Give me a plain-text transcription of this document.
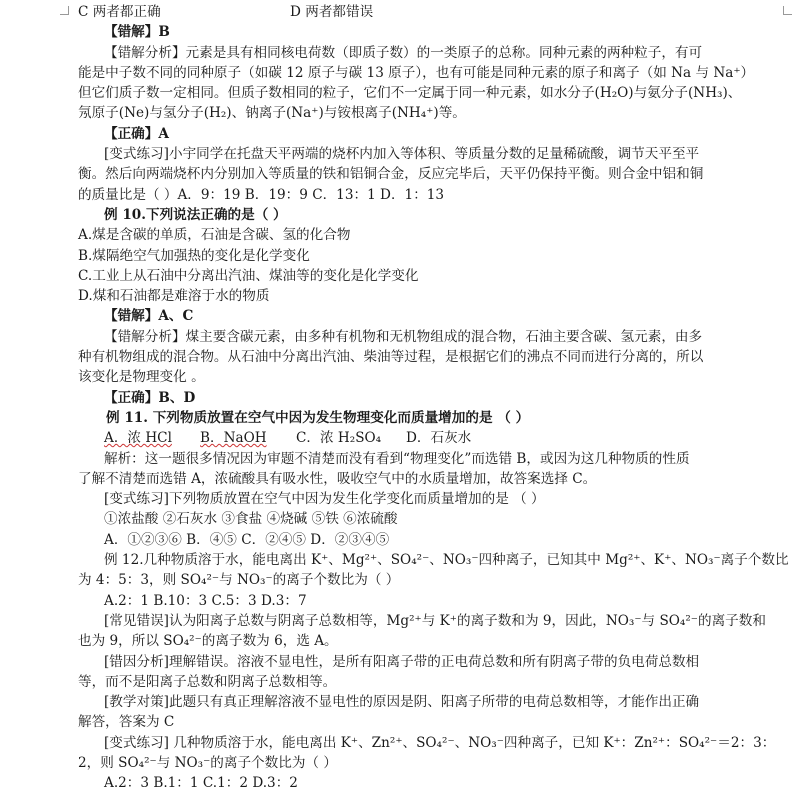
C 两者都正确	D 两者都错误
【错解】B
【错解分析】元素是具有相同核电荷数（即质子数）的一类原子的总称。同种元素的两种粒子，有可
能是中子数不同的同种原子（如碳 12 原子与碳 13 原子），也有可能是同种元素的原子和离子（如 Na 与 Na⁺）
但它们质子数一定相同。但质子数相同的粒子，它们不一定属于同一种元素，如水分子(H₂O)与氨分子(NH₃)、
氖原子(Ne)与氢分子(H₂)、钠离子(Na⁺)与铵根离子(NH₄⁺)等。
【正确】A
[变式练习]小宇同学在托盘天平两端的烧杯内加入等体积、等质量分数的足量稀硫酸，调节天平至平
衡。然后向两端烧杯内分别加入等质量的铁和铝铜合金，反应完毕后，天平仍保持平衡。则合金中铝和铜
的质量比是（ ）A．9：19 B．19：9 C．13：1 D．1：13
例 10.下列说法正确的是（ ）
A.煤是含碳的单质，石油是含碳、氢的化合物
B.煤隔绝空气加强热的变化是化学变化
C.工业上从石油中分离出汽油、煤油等的变化是化学变化
D.煤和石油都是难溶于水的物质
【错解】A、C
【错解分析】煤主要含碳元素，由多种有机物和无机物组成的混合物，石油主要含碳、氢元素，由多
种有机物组成的混合物。从石油中分离出汽油、柴油等过程，是根据它们的沸点不同而进行分离的，所以
该变化是物理变化 。
【正确】B、D
例 11. 下列物质放置在空气中因为发生物理变化而质量增加的是 （ ）
A．浓 HCl B．NaOH C．浓 H₂SO₄ D．石灰水
解析：这一题很多情况因为审题不清楚而没有看到“物理变化”而选错 B，或因为这几种物质的性质
了解不清楚而选错 A，浓硫酸具有吸水性，吸收空气中的水质量增加，故答案选择 C。
[变式练习]下列物质放置在空气中因为发生化学变化而质量增加的是 （ ）
①浓盐酸 ②石灰水 ③食盐 ④烧碱 ⑤铁 ⑥浓硫酸
A．①②③⑥ B．④⑤ C．②④⑤ D．②③④⑤
例 12.几种物质溶于水，能电离出 K⁺、Mg²⁺、SO₄²⁻、NO₃⁻四种离子，已知其中 Mg²⁺、K⁺、NO₃⁻离子个数比
为 4：5：3，则 SO₄²⁻与 NO₃⁻的离子个数比为（ ）
A.2：1 B.10：3 C.5：3 D.3：7
[常见错误]认为阳离子总数与阴离子总数相等，Mg²⁺与 K⁺的离子数和为 9，因此，NO₃⁻与 SO₄²⁻的离子数和
也为 9，所以 SO₄²⁻的离子数为 6，选 A。
[错因分析]理解错误。溶液不显电性，是所有阳离子带的正电荷总数和所有阴离子带的负电荷总数相
等，而不是阳离子总数和阴离子总数相等。
[教学对策]此题只有真正理解溶液不显电性的原因是阴、阳离子所带的电荷总数相等，才能作出正确
解答，答案为 C
[变式练习] 几种物质溶于水，能电离出 K⁺、Zn²⁺、SO₄²⁻、NO₃⁻四种离子，已知 K⁺：Zn²⁺：SO₄²⁻＝2：3：
2，则 SO₄²⁻与 NO₃⁻的离子个数比为（ ）
A.2：3 B.1：1 C.1：2 D.3：2
